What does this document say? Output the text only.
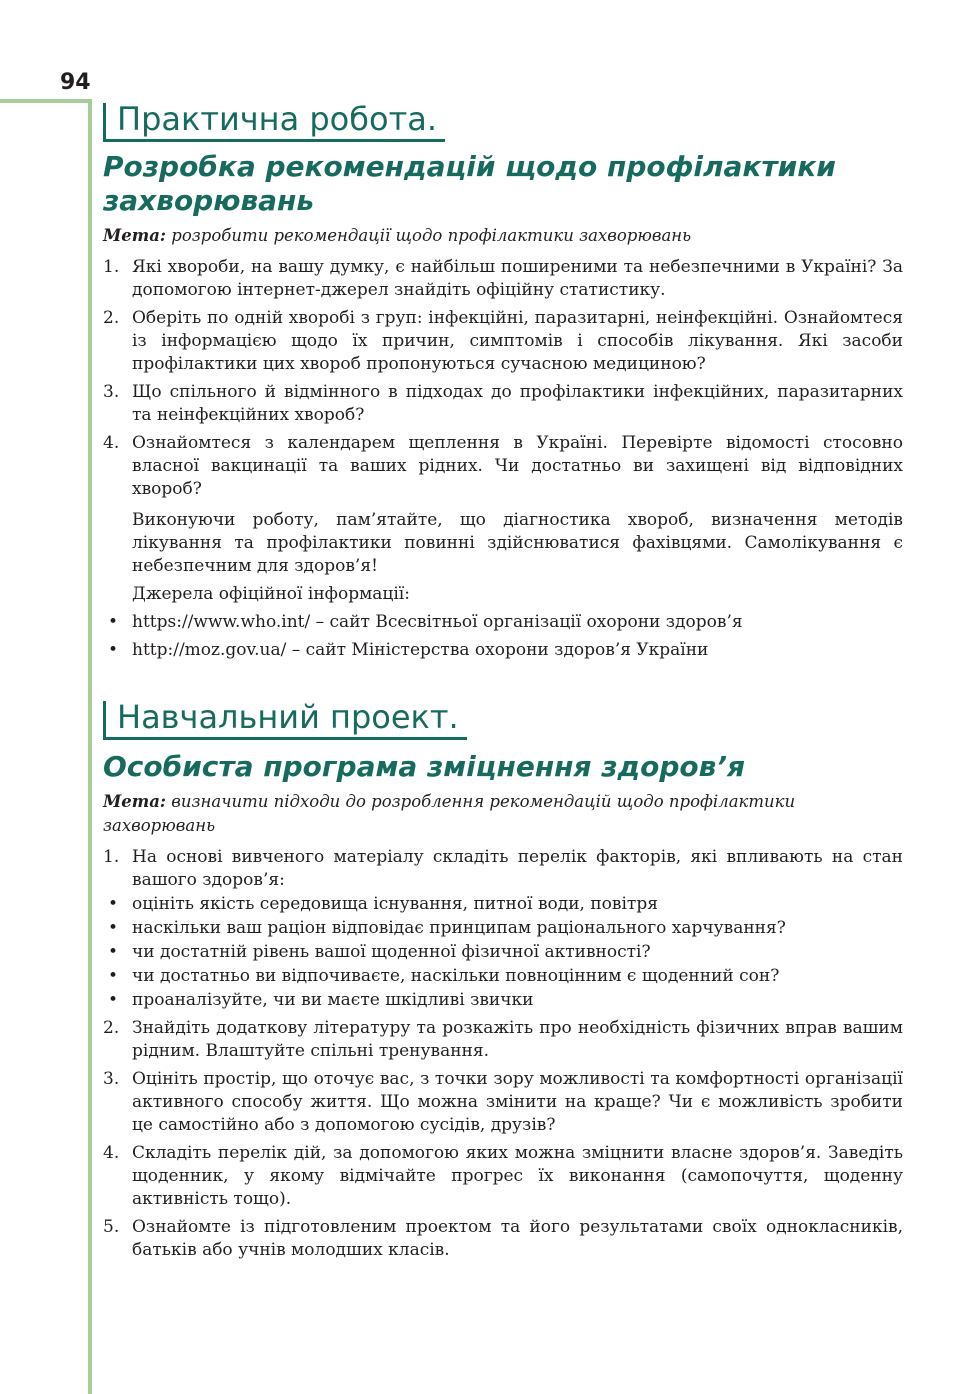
94
Практична робота.
Розробка рекомендацій щодо профілактики
захворювань
Мета: розробити рекомендації щодо профілактики захворювань
1. Які хвороби, на вашу думку, є найбільш поширеними та небезпечними в Україні? За допомогою інтернет-джерел знайдіть офіційну статистику.
2. Оберіть по одній хворобі з груп: інфекційні, паразитарні, неінфекційні. Ознайомтеся із інформацією щодо їх причин, симптомів і способів лікування. Які засоби профілактики цих хвороб пропонуються сучасною медициною?
3. Що спільного й відмінного в підходах до профілактики інфекційних, паразитарних та неінфекційних хвороб?
4. Ознайомтеся з календарем щеплення в Україні. Перевірте відомості стосовно власної вакцинації та ваших рідних. Чи достатньо ви захищені від відповідних хвороб?
Виконуючи роботу, пам’ятайте, що діагностика хвороб, визначення методів лікування та профілактики повинні здійснюватися фахівцями. Самолікування є небезпечним для здоров’я!
Джерела офіційної інформації:
• https://www.who.int/ – сайт Всесвітньої організації охорони здоров’я
• http://moz.gov.ua/ – сайт Міністерства охорони здоров’я України
Навчальний проект.
Особиста програма зміцнення здоров’я
Мета: визначити підходи до розроблення рекомендацій щодо профілактики захворювань
1. На основі вивченого матеріалу складіть перелік факторів, які впливають на стан вашого здоров’я:
• оцініть якість середовища існування, питної води, повітря
• наскільки ваш раціон відповідає принципам раціонального харчування?
• чи достатній рівень вашої щоденної фізичної активності?
• чи достатньо ви відпочиваєте, наскільки повноцінним є щоденний сон?
• проаналізуйте, чи ви маєте шкідливі звички
2. Знайдіть додаткову літературу та розкажіть про необхідність фізичних вправ вашим рідним. Влаштуйте спільні тренування.
3. Оцініть простір, що оточує вас, з точки зору можливості та комфортності організації активного способу життя. Що можна змінити на краще? Чи є можливість зробити це самостійно або з допомогою сусідів, друзів?
4. Складіть перелік дій, за допомогою яких можна зміцнити власне здоров’я. Заведіть щоденник, у якому відмічайте прогрес їх виконання (самопочуття, щоденну активність тощо).
5. Ознайомте із підготовленим проектом та його результатами своїх однокласників, батьків або учнів молодших класів.
